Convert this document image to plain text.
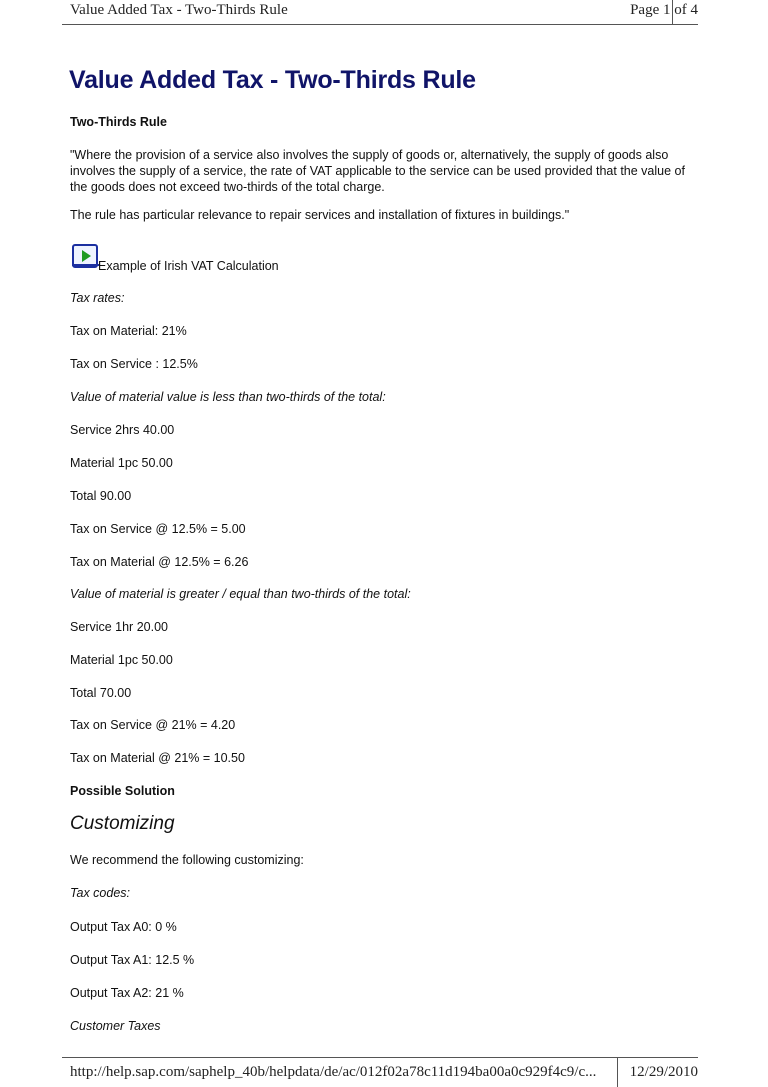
Value Added Tax - Two-Thirds Rule	Page 1 of 4
Value Added Tax - Two-Thirds Rule
Two-Thirds Rule
"Where the provision of a service also involves the supply of goods or, alternatively, the supply of goods also involves the supply of a service, the rate of VAT applicable to the service can be used provided that the value of the goods does not exceed two-thirds of the total charge.
The rule has particular relevance to repair services and installation of fixtures in buildings."
Example of Irish VAT Calculation
Tax rates:
Tax on Material: 21%
Tax on Service : 12.5%
Value of material value is less than two-thirds of the total:
Service 2hrs 40.00
Material 1pc 50.00
Total 90.00
Tax on Service @ 12.5% = 5.00
Tax on Material @ 12.5% = 6.26
Value of material is greater / equal than two-thirds of the total:
Service 1hr 20.00
Material 1pc 50.00
Total 70.00
Tax on Service @ 21% = 4.20
Tax on Material @ 21% = 10.50
Possible Solution
Customizing
We recommend the following customizing:
Tax codes:
Output Tax A0: 0 %
Output Tax A1: 12.5 %
Output Tax A2: 21 %
Customer Taxes
http://help.sap.com/saphelp_40b/helpdata/de/ac/012f02a78c11d194ba00a0c929f4c9/c... 12/29/2010
